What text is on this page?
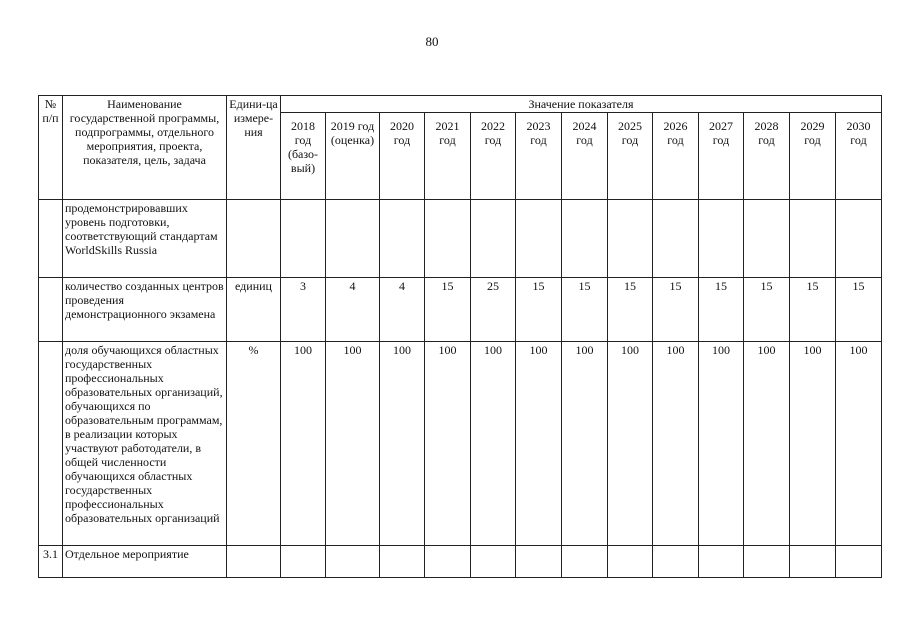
80
№ п/п	Наименование государственной программы, подпрограммы, отдельного мероприятия, проекта, показателя, цель, задача	Едини-ца измере-ния	Значение показателя												
			2018 год (базо-вый)	2019 год (оценка)	2020 год	2021 год	2022 год	2023 год	2024 год	2025 год	2026 год	2027 год	2028 год	2029 год	2030 год
	продемонстрировавших уровень подготовки, соответствующий стандартам WorldSkills Russia														
	количество созданных центров проведения демонстрационного экзамена	единиц	3	4	4	15	25	15	15	15	15	15	15	15	15
	доля обучающихся областных государственных профессиональных образовательных организаций, обучающихся по образовательным программам, в реализации которых участвуют работодатели, в общей численности обучающихся областных государственных профессиональных образовательных организаций	%	100	100	100	100	100	100	100	100	100	100	100	100	100
3.1	Отдельное мероприятие														
